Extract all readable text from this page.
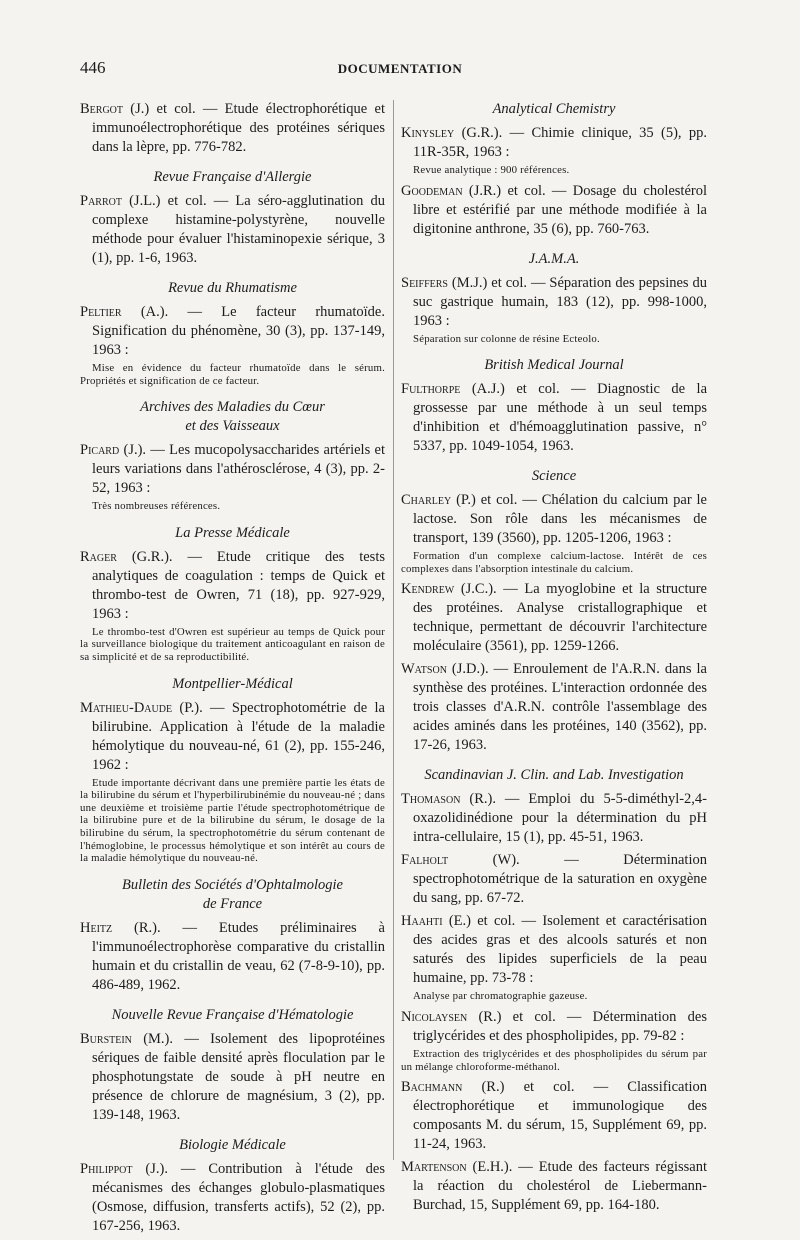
446	DOCUMENTATION

Bergot (J.) et col. — Etude électrophorétique et immunoélectrophorétique des protéines sériques dans la lèpre, pp. 776-782.

Revue Française d'Allergie

Parrot (J.L.) et col. — La séro-agglutination du complexe histamine-polystyrène, nouvelle méthode pour évaluer l'histaminopexie sérique, 3 (1), pp. 1-6, 1963.

Revue du Rhumatisme

Peltier (A.). — Le facteur rhumatoïde. Signification du phénomène, 30 (3), pp. 137-149, 1963 :

Mise en évidence du facteur rhumatoïde dans le sérum. Propriétés et signification de ce facteur.
Archives des Maladies du Cœur
et des Vaisseaux

Picard (J.). — Les mucopolysaccharides artériels et leurs variations dans l'athérosclérose, 4 (3), pp. 2-52, 1963 :

Très nombreuses références.
La Presse Médicale

Rager (G.R.). — Etude critique des tests analytiques de coagulation : temps de Quick et thrombo-test de Owren, 71 (18), pp. 927-929, 1963 :

Le thrombo-test d'Owren est supérieur au temps de Quick pour la surveillance biologique du traitement anticoagulant en raison de sa simplicité et de sa reproductibilité.
Montpellier-Médical

Mathieu-Daude (P.). — Spectrophotométrie de la bilirubine. Application à l'étude de la maladie hémolytique du nouveau-né, 61 (2), pp. 155-246, 1962 :

Etude importante décrivant dans une première partie les états de la bilirubine du sérum et l'hyperbilirubinémie du nouveau-né ; dans une deuxième et troisième partie l'étude spectrophotométrique de la bilirubine pure et de la bilirubine du sérum, le dosage de la bilirubine du sérum, la spectrophotométrie du sérum contenant de l'hémoglobine, le processus hémolytique et son intérêt au cours de la maladie hémolytique du nouveau-né.
Bulletin des Sociétés d'Ophtalmologie
de France

Heitz (R.). — Etudes préliminaires à l'immunoélectrophorèse comparative du cristallin humain et du cristallin de veau, 62 (7-8-9-10), pp. 486-489, 1962.

Nouvelle Revue Française d'Hématologie

Burstein (M.). — Isolement des lipoprotéines sériques de faible densité après floculation par le phosphotungstate de soude à pH neutre en présence de chlorure de magnésium, 3 (2), pp. 139-148, 1963.

Biologie Médicale

Philippot (J.). — Contribution à l'étude des mécanismes des échanges globulo-plasmatiques (Osmose, diffusion, transferts actifs), 52 (2), pp. 167-256, 1963.

Analytical Chemistry

Kinysley (G.R.). — Chimie clinique, 35 (5), pp. 11R-35R, 1963 :

Revue analytique : 900 références.

Goodeman (J.R.) et col. — Dosage du cholestérol libre et estérifié par une méthode modifiée à la digitonine anthrone, 35 (6), pp. 760-763.

J.A.M.A.

Seiffers (M.J.) et col. — Séparation des pepsines du suc gastrique humain, 183 (12), pp. 998-1000, 1963 :

Séparation sur colonne de résine Ecteolo.
British Medical Journal

Fulthorpe (A.J.) et col. — Diagnostic de la grossesse par une méthode à un seul temps d'inhibition et d'hémoagglutination passive, n° 5337, pp. 1049-1054, 1963.

Science

Charley (P.) et col. — Chélation du calcium par le lactose. Son rôle dans les mécanismes de transport, 139 (3560), pp. 1205-1206, 1963 :

Formation d'un complexe calcium-lactose. Intérêt de ces complexes dans l'absorption intestinale du calcium.

Kendrew (J.C.). — La myoglobine et la structure des protéines. Analyse cristallographique et technique, permettant de découvrir l'architecture moléculaire (3561), pp. 1259-1266.

Watson (J.D.). — Enroulement de l'A.R.N. dans la synthèse des protéines. L'interaction ordonnée des trois classes d'A.R.N. contrôle l'assemblage des acides aminés dans les protéines, 140 (3562), pp. 17-26, 1963.

Scandinavian J. Clin. and Lab. Investigation

Thomason (R.). — Emploi du 5-5-diméthyl-2,4-oxazolidinédione pour la détermination du pH intra-cellulaire, 15 (1), pp. 45-51, 1963.

Falholt (W). — Détermination spectrophotométrique de la saturation en oxygène du sang, pp. 67-72.

Haahti (E.) et col. — Isolement et caractérisation des acides gras et des alcools saturés et non saturés des lipides superficiels de la peau humaine, pp. 73-78 :

Analyse par chromatographie gazeuse.

Nicolaysen (R.) et col. — Détermination des triglycérides et des phospholipides, pp. 79-82 :

Extraction des triglycérides et des phospholipides du sérum par un mélange chloroforme-méthanol.

Bachmann (R.) et col. — Classification électrophorétique et immunologique des composants M. du sérum, 15, Supplément 69, pp. 11-24, 1963.

Martenson (E.H.). — Etude des facteurs régissant la réaction du cholestérol de Liebermann-Burchad, 15, Supplément 69, pp. 164-180.
